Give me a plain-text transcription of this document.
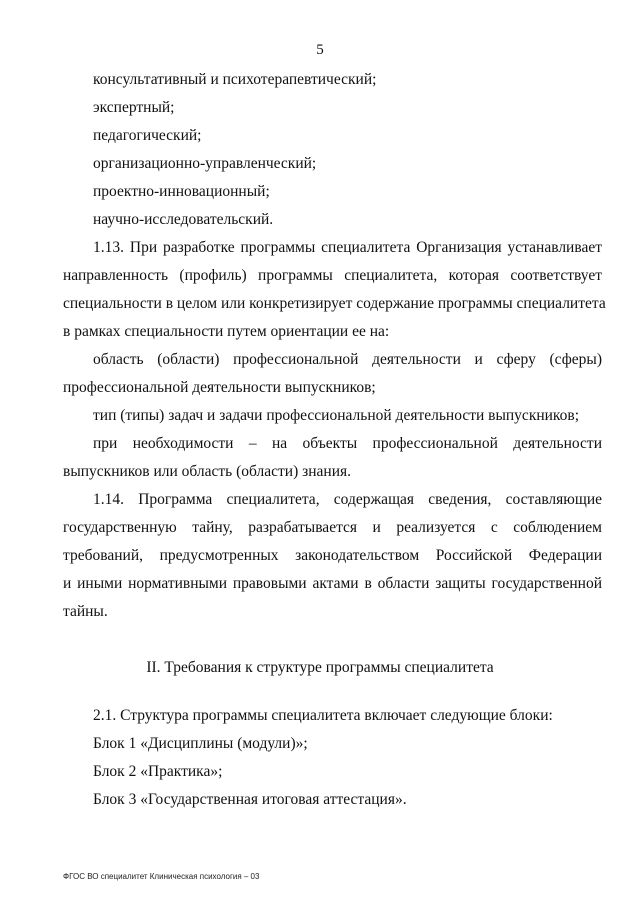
5
консультативный и психотерапевтический;
экспертный;
педагогический;
организационно-управленческий;
проектно-инновационный;
научно-исследовательский.
1.13. При разработке программы специалитета Организация устанавливает
направленность (профиль) программы специалитета, которая соответствует
специальности в целом или конкретизирует содержание программы специалитета
в рамках специальности путем ориентации ее на:
область (области) профессиональной деятельности и сферу (сферы)
профессиональной деятельности выпускников;
тип (типы) задач и задачи профессиональной деятельности выпускников;
при необходимости – на объекты профессиональной деятельности
выпускников или область (области) знания.
1.14. Программа специалитета, содержащая сведения, составляющие
государственную тайну, разрабатывается и реализуется с соблюдением
требований, предусмотренных законодательством Российской Федерации
и иными нормативными правовыми актами в области защиты государственной
тайны.
II. Требования к структуре программы специалитета
2.1. Структура программы специалитета включает следующие блоки:
Блок 1 «Дисциплины (модули)»;
Блок 2 «Практика»;
Блок 3 «Государственная итоговая аттестация».
ФГОС ВО специалитет Клиническая психология – 03
